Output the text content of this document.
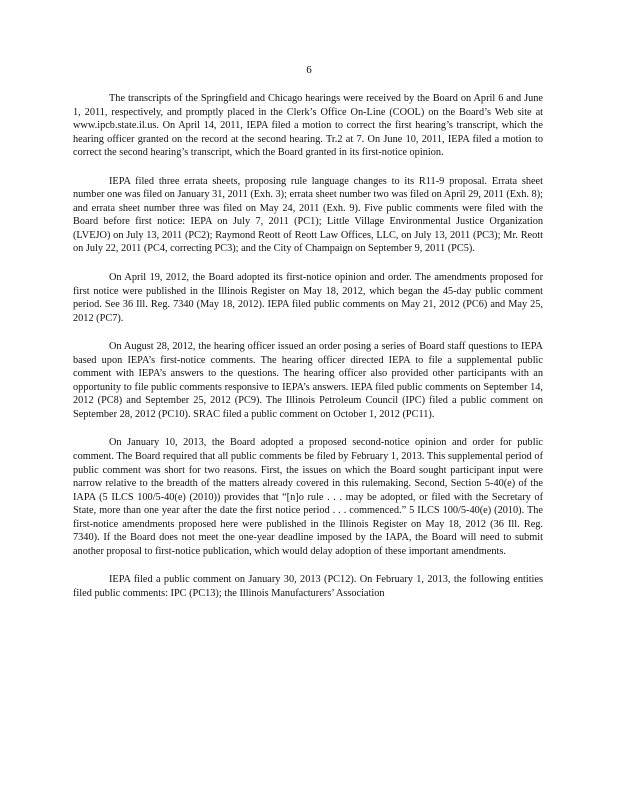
6

The transcripts of the Springfield and Chicago hearings were received by the Board on April 6 and June 1, 2011, respectively, and promptly placed in the Clerk’s Office On-Line (COOL) on the Board’s Web site at www.ipcb.state.il.us. On April 14, 2011, IEPA filed a motion to correct the first hearing’s transcript, which the hearing officer granted on the record at the second hearing. Tr.2 at 7. On June 10, 2011, IEPA filed a motion to correct the second hearing’s transcript, which the Board granted in its first-notice opinion.

IEPA filed three errata sheets, proposing rule language changes to its R11-9 proposal. Errata sheet number one was filed on January 31, 2011 (Exh. 3); errata sheet number two was filed on April 29, 2011 (Exh. 8); and errata sheet number three was filed on May 24, 2011 (Exh. 9). Five public comments were filed with the Board before first notice: IEPA on July 7, 2011 (PC1); Little Village Environmental Justice Organization (LVEJO) on July 13, 2011 (PC2); Raymond Reott of Reott Law Offices, LLC, on July 13, 2011 (PC3); Mr. Reott on July 22, 2011 (PC4, correcting PC3); and the City of Champaign on September 9, 2011 (PC5).

On April 19, 2012, the Board adopted its first-notice opinion and order. The amendments proposed for first notice were published in the Illinois Register on May 18, 2012, which began the 45-day public comment period. See 36 Ill. Reg. 7340 (May 18, 2012). IEPA filed public comments on May 21, 2012 (PC6) and May 25, 2012 (PC7).

On August 28, 2012, the hearing officer issued an order posing a series of Board staff questions to IEPA based upon IEPA’s first-notice comments. The hearing officer directed IEPA to file a supplemental public comment with IEPA’s answers to the questions. The hearing officer also provided other participants with an opportunity to file public comments responsive to IEPA’s answers. IEPA filed public comments on September 14, 2012 (PC8) and September 25, 2012 (PC9). The Illinois Petroleum Council (IPC) filed a public comment on September 28, 2012 (PC10). SRAC filed a public comment on October 1, 2012 (PC11).

On January 10, 2013, the Board adopted a proposed second-notice opinion and order for public comment. The Board required that all public comments be filed by February 1, 2013. This supplemental period of public comment was short for two reasons. First, the issues on which the Board sought participant input were narrow relative to the breadth of the matters already covered in this rulemaking. Second, Section 5-40(e) of the IAPA (5 ILCS 100/5-40(e) (2010)) provides that “[n]o rule . . . may be adopted, or filed with the Secretary of State, more than one year after the date the first notice period . . . commenced.” 5 ILCS 100/5-40(e) (2010). The first-notice amendments proposed here were published in the Illinois Register on May 18, 2012 (36 Ill. Reg. 7340). If the Board does not meet the one-year deadline imposed by the IAPA, the Board will need to submit another proposal to first-notice publication, which would delay adoption of these important amendments.

IEPA filed a public comment on January 30, 2013 (PC12). On February 1, 2013, the following entities filed public comments: IPC (PC13); the Illinois Manufacturers’ Association
